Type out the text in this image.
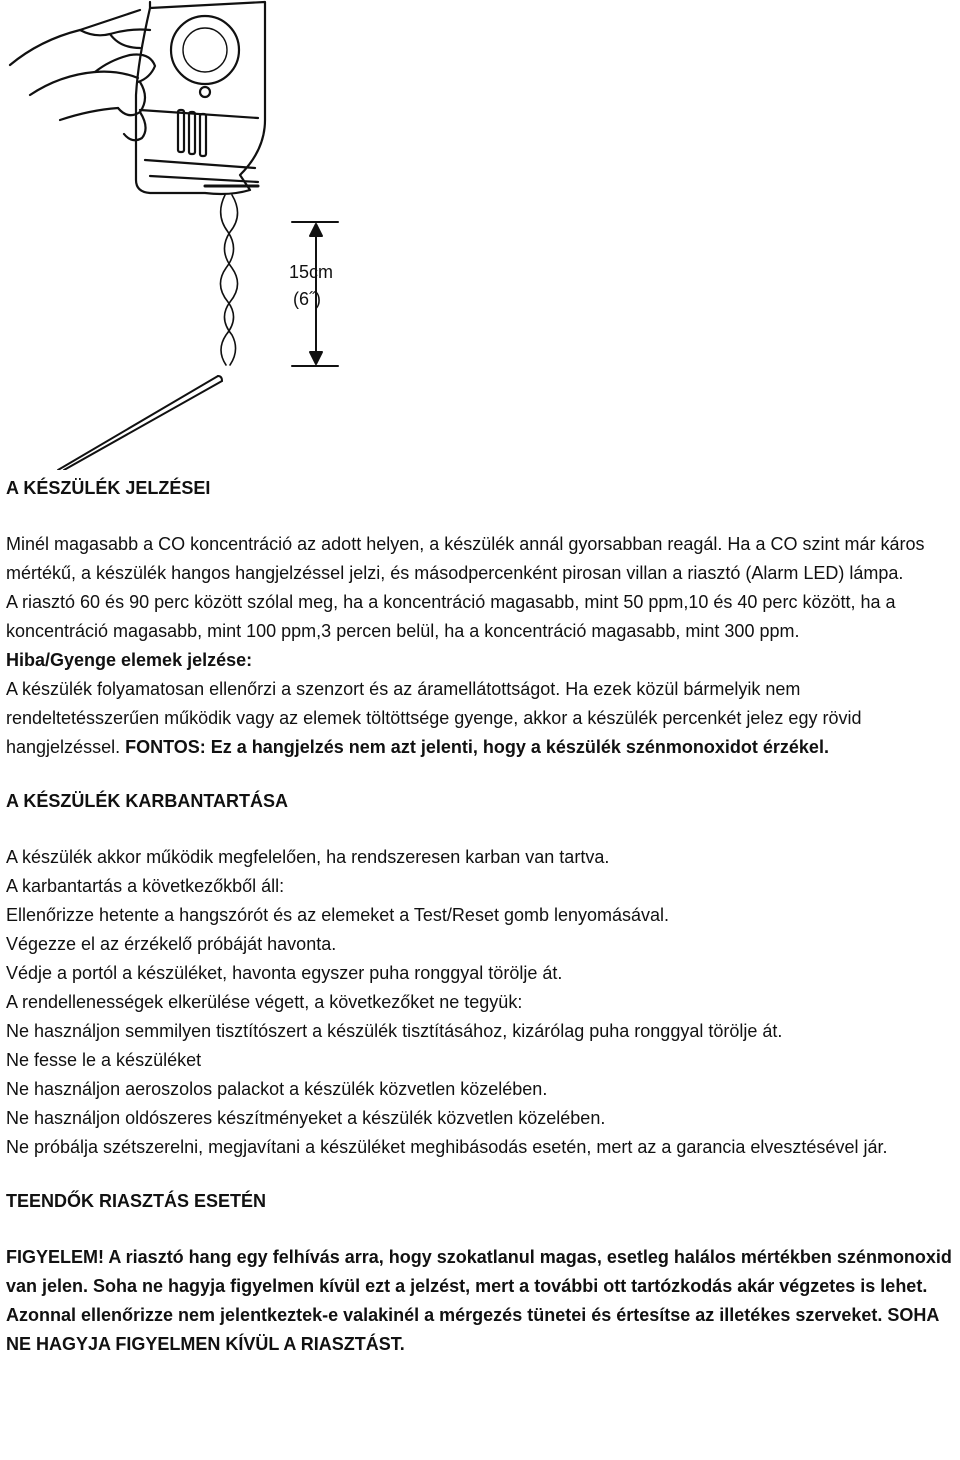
15cm
(6˝)

A KÉSZÜLÉK JELZÉSEI

Minél magasabb a CO koncentráció az adott helyen, a készülék annál gyorsabban reagál. Ha a CO szint már káros mértékű, a készülék hangos hangjelzéssel jelzi, és másodpercenként pirosan villan a riasztó (Alarm LED) lámpa.

A riasztó 60 és 90 perc között szólal meg, ha a koncentráció magasabb, mint 50 ppm,10 és 40 perc között, ha a koncentráció magasabb, mint 100 ppm,3 percen belül, ha a koncentráció magasabb, mint 300 ppm.

Hiba/Gyenge elemek jelzése:

A készülék folyamatosan ellenőrzi a szenzort és az áramellátottságot. Ha ezek közül bármelyik nem rendeltetésszerűen működik vagy az elemek töltöttsége gyenge, akkor a készülék percenkét jelez egy rövid hangjelzéssel. FONTOS: Ez a hangjelzés nem azt jelenti, hogy a készülék szénmonoxidot érzékel.

A KÉSZÜLÉK KARBANTARTÁSA

A készülék akkor működik megfelelően, ha rendszeresen karban van tartva.

A karbantartás a következőkből áll:

Ellenőrizze hetente a hangszórót és az elemeket a Test/Reset gomb lenyomásával.

Végezze el az érzékelő próbáját havonta.

Védje a portól a készüléket, havonta egyszer puha ronggyal törölje át.

A rendellenességek elkerülése végett, a következőket ne tegyük:

Ne használjon semmilyen tisztítószert a készülék tisztításához, kizárólag puha ronggyal törölje át.

Ne fesse le a készüléket

Ne használjon aeroszolos palackot a készülék közvetlen közelében.

Ne használjon oldószeres készítményeket a készülék közvetlen közelében.

Ne próbálja szétszerelni, megjavítani a készüléket meghibásodás esetén, mert az a garancia elvesztésével jár.

TEENDŐK RIASZTÁS ESETÉN

FIGYELEM! A riasztó hang egy felhívás arra, hogy szokatlanul magas, esetleg halálos mértékben szénmonoxid van jelen. Soha ne hagyja figyelmen kívül ezt a jelzést, mert a további ott tartózkodás akár végzetes is lehet. Azonnal ellenőrizze nem jelentkeztek-e valakinél a mérgezés tünetei és értesítse az illetékes szerveket. SOHA NE HAGYJA FIGYELMEN KÍVÜL A RIASZTÁST.
